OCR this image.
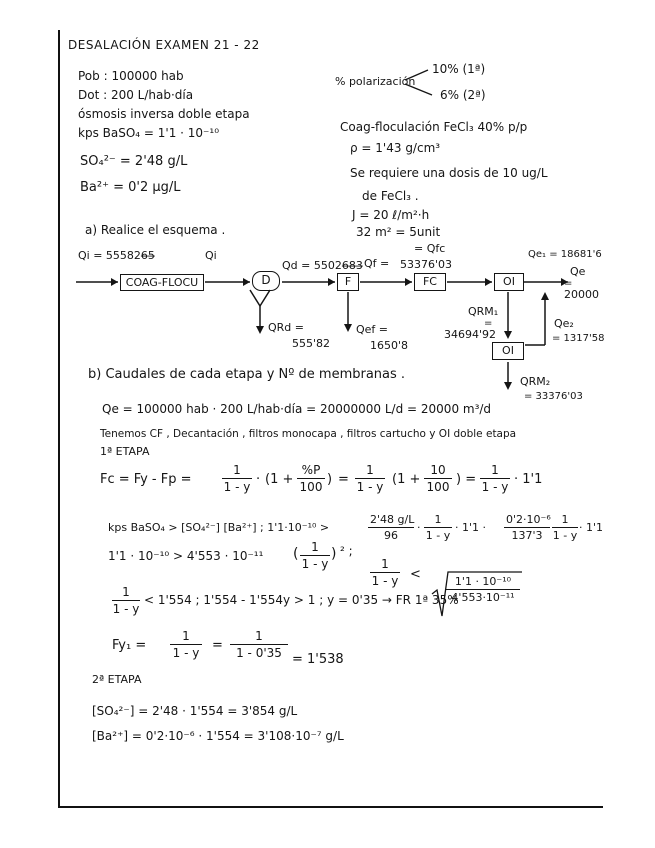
DESALACIÓN EXAMEN 21 - 22
Pob : 100000 hab
Dot : 200 L/hab·día
ósmosis inversa doble etapa
kps BaSO₄ = 1'1 · 10⁻¹⁰
SO₄²⁻ = 2'48 g/L
Ba²⁺ = 0'2 μg/L
% polarización
10% (1ª)
6% (2ª)
Coag-floculación FeCl₃ 40% p/p
ρ = 1'43 g/cm³
Se requiere una dosis de 10 ug/L
de FeCl₃ .
J = 20 ℓ/m²·h
32 m² = 5unit
a) Realice el esquema .
Qi = 555826̶5̶	Qi
Qd = 55026̶8̶3̶ Qf =
= Qfc
53376'03
Qe₁ = 18681'6
Qe
=
20000
COAG-FLOCU	D	F	FC	OI
OI
QRd =
555'82
Qef =
1650'8
QRM₁
=
34694'92
Qe₂
= 1317'58
QRM₂
= 33376'03
b) Caudales de cada etapa y Nº de membranas .
Qe = 100000 hab · 200 L/hab·día = 20000000 L/d = 20000 m³/d
Tenemos CF , Decantación , filtros monocapa , filtros cartucho y OI doble etapa
1ª ETAPA
Fc = Fy - Fp =	$\frac{1}{1 - y} \cdot (1 + \frac{\%P}{100}$ ) = $\frac{1}{1 - y} (1 + \frac{10}{100}$ ) = $\frac{1}{1 - y} \cdot 1'1$
kps BaSO₄ > [SO₄²⁻] [Ba²⁺] ; 1'1·10⁻¹⁰ >	$\frac{2'48 g/L}{96} \cdot \frac{1}{1 - y} \cdot 1'1 \cdot \frac{\text{0'2·10⁻⁶}}{137'3} \frac{1}{1 - y} \cdot 1'1$
1'1 · 10⁻¹⁰ > 4'553 · 10⁻¹¹ ( $\frac{1}{1 - y}$ ) ² ;
$\frac{1}{1 - y}$ <
$\frac{\text{1'1 · 10⁻¹⁰}}{\text{4'553·10⁻¹¹}}$
$\frac{1}{1 - y} < 1'554$ ; 1'554 - 1'554y > 1 ; y = 0'35 → FR 1ª 35%
$Fy_1 = \frac{1}{1 - y} = \frac{1}{1 - 0'35}$
= 1'538
2ª ETAPA
[SO₄²⁻] = 2'48 · 1'554 = 3'854 g/L
[Ba²⁺] = 0'2·10⁻⁶ · 1'554 = 3'108·10⁻⁷ g/L
